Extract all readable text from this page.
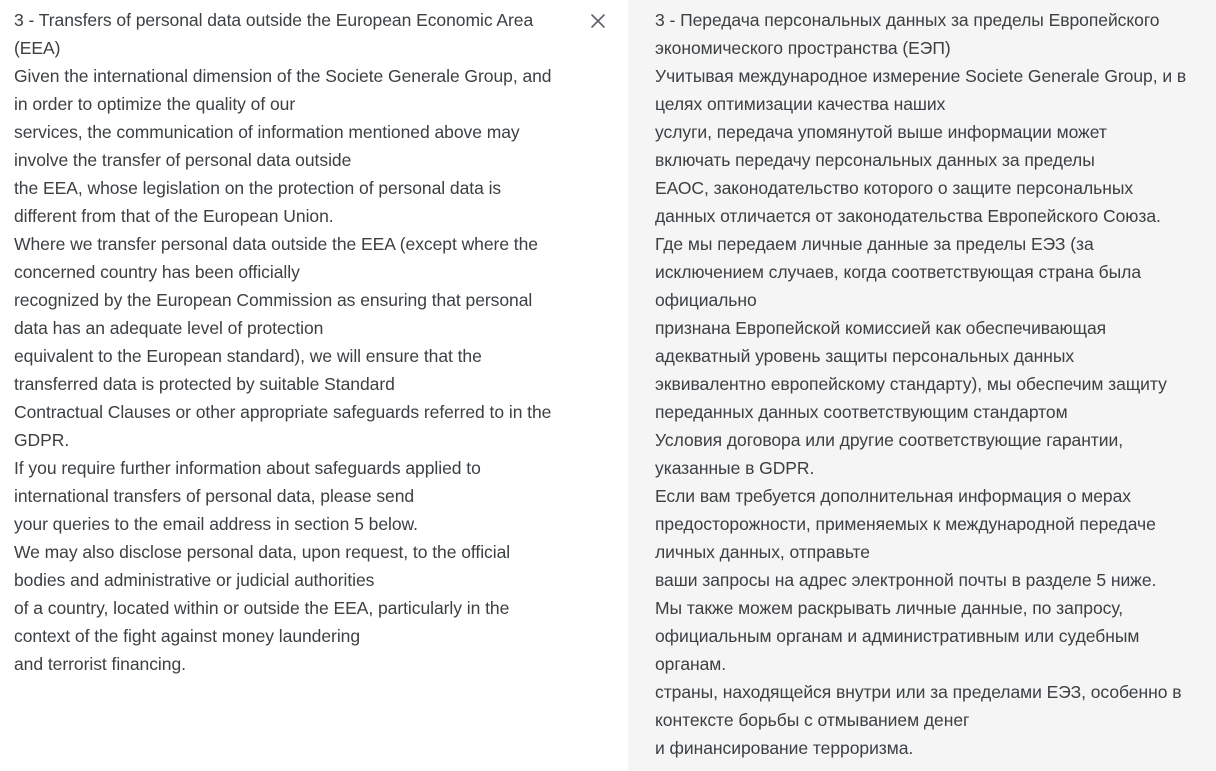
3 - Transfers of personal data outside the European Economic Area
(EEA)
Given the international dimension of the Societe Generale Group, and
in order to optimize the quality of our
services, the communication of information mentioned above may
involve the transfer of personal data outside
the EEA, whose legislation on the protection of personal data is
different from that of the European Union.
Where we transfer personal data outside the EEA (except where the
concerned country has been officially
recognized by the European Commission as ensuring that personal
data has an adequate level of protection
equivalent to the European standard), we will ensure that the
transferred data is protected by suitable Standard
Contractual Clauses or other appropriate safeguards referred to in the
GDPR.
If you require further information about safeguards applied to
international transfers of personal data, please send
your queries to the email address in section 5 below.
We may also disclose personal data, upon request, to the official
bodies and administrative or judicial authorities
of a country, located within or outside the EEA, particularly in the
context of the fight against money laundering
and terrorist financing.
3 - Передача персональных данных за пределы Европейского
экономического пространства (ЕЭП)
Учитывая международное измерение Societe Generale Group, и в
целях оптимизации качества наших
услуги, передача упомянутой выше информации может
включать передачу персональных данных за пределы
ЕАОС, законодательство которого о защите персональных
данных отличается от законодательства Европейского Союза.
Где мы передаем личные данные за пределы ЕЭЗ (за
исключением случаев, когда соответствующая страна была
официально
признана Европейской комиссией как обеспечивающая
адекватный уровень защиты персональных данных
эквивалентно европейскому стандарту), мы обеспечим защиту
переданных данных соответствующим стандартом
Условия договора или другие соответствующие гарантии,
указанные в GDPR.
Если вам требуется дополнительная информация о мерах
предосторожности, применяемых к международной передаче
личных данных, отправьте
ваши запросы на адрес электронной почты в разделе 5 ниже.
Мы также можем раскрывать личные данные, по запросу,
официальным органам и административным или судебным
органам.
страны, находящейся внутри или за пределами ЕЭЗ, особенно в
контексте борьбы с отмыванием денег
и финансирование терроризма.
